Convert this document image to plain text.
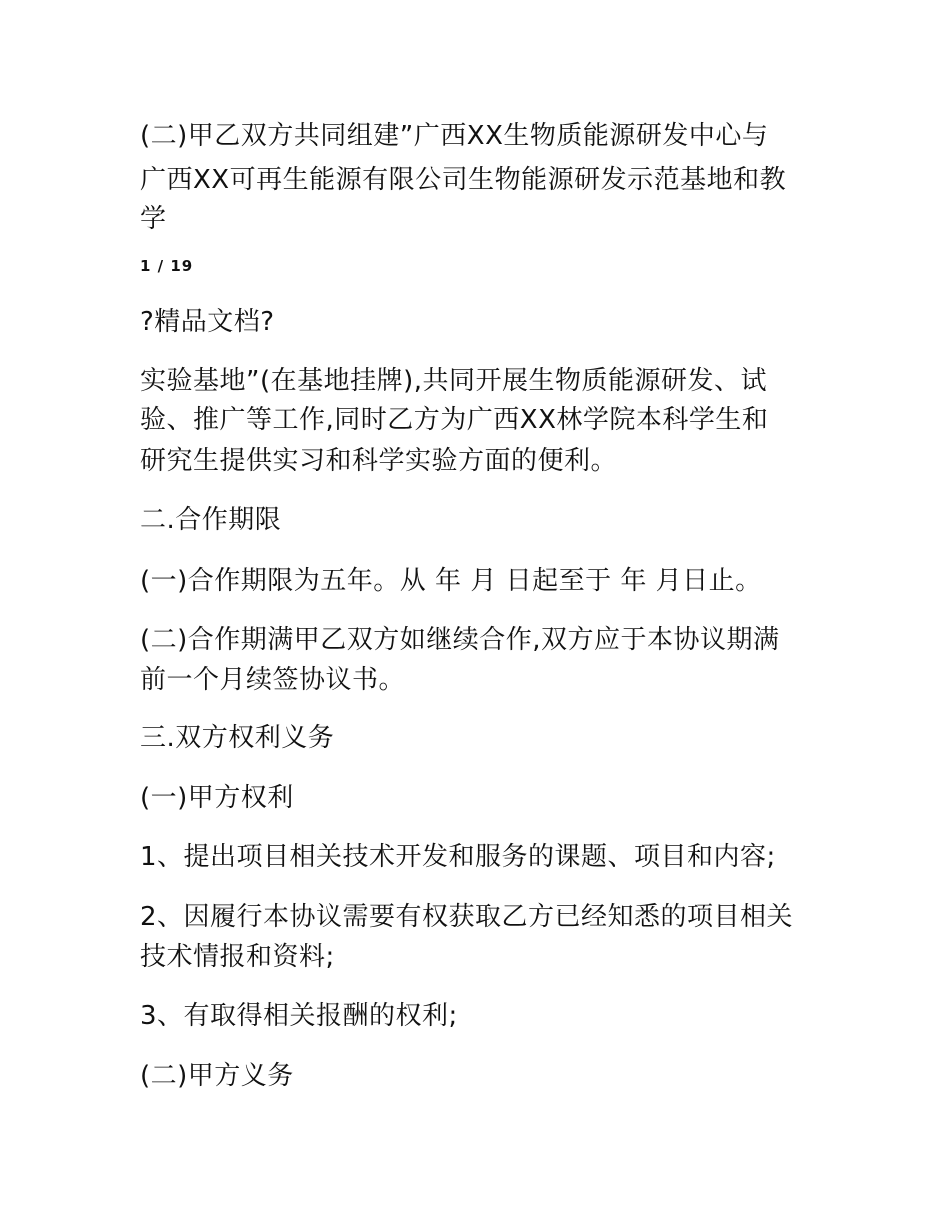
(二)甲乙双方共同组建”广西XX生物质能源研发中心与
广西XX可再生能源有限公司生物能源研发示范基地和教
学
1 / 19
?精品文档?
实验基地”(在基地挂牌),共同开展生物质能源研发、试
验、推广等工作,同时乙方为广西XX林学院本科学生和
研究生提供实习和科学实验方面的便利。
二.合作期限
(一)合作期限为五年。从 年 月 日起至于 年 月日止。
(二)合作期满甲乙双方如继续合作,双方应于本协议期满
前一个月续签协议书。
三.双方权利义务
(一)甲方权利
1、提出项目相关技术开发和服务的课题、项目和内容;
2、因履行本协议需要有权获取乙方已经知悉的项目相关
技术情报和资料;
3、有取得相关报酬的权利;
(二)甲方义务
